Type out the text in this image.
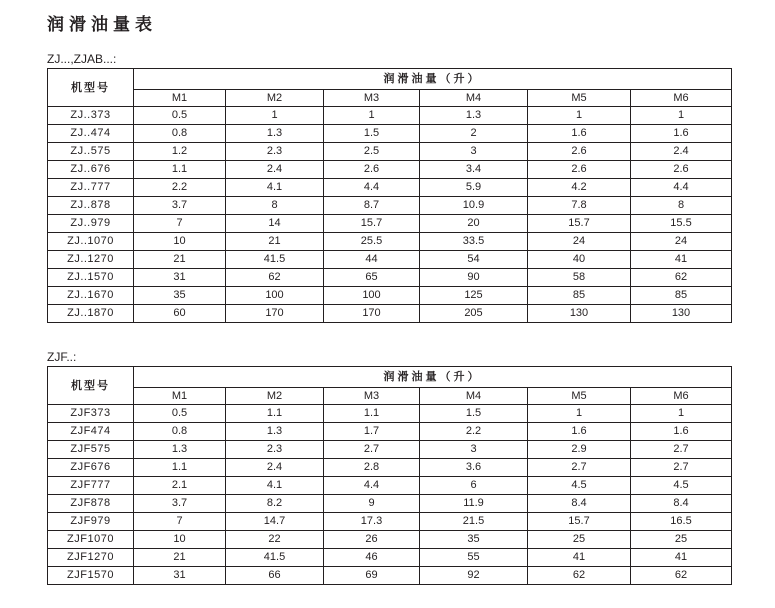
润滑油量表
ZJ...,ZJAB...:
机型号	润滑油量（升）					
	M1	M2	M3	M4	M5	M6
ZJ..373	0.5	1	1	1.3	1	1
ZJ..474	0.8	1.3	1.5	2	1.6	1.6
ZJ..575	1.2	2.3	2.5	3	2.6	2.4
ZJ..676	1.1	2.4	2.6	3.4	2.6	2.6
ZJ..777	2.2	4.1	4.4	5.9	4.2	4.4
ZJ..878	3.7	8	8.7	10.9	7.8	8
ZJ..979	7	14	15.7	20	15.7	15.5
ZJ..1070	10	21	25.5	33.5	24	24
ZJ..1270	21	41.5	44	54	40	41
ZJ..1570	31	62	65	90	58	62
ZJ..1670	35	100	100	125	85	85
ZJ..1870	60	170	170	205	130	130
ZJF..:
机型号	润滑油量（升）					
	M1	M2	M3	M4	M5	M6
ZJF373	0.5	1.1	1.1	1.5	1	1
ZJF474	0.8	1.3	1.7	2.2	1.6	1.6
ZJF575	1.3	2.3	2.7	3	2.9	2.7
ZJF676	1.1	2.4	2.8	3.6	2.7	2.7
ZJF777	2.1	4.1	4.4	6	4.5	4.5
ZJF878	3.7	8.2	9	11.9	8.4	8.4
ZJF979	7	14.7	17.3	21.5	15.7	16.5
ZJF1070	10	22	26	35	25	25
ZJF1270	21	41.5	46	55	41	41
ZJF1570	31	66	69	92	62	62
